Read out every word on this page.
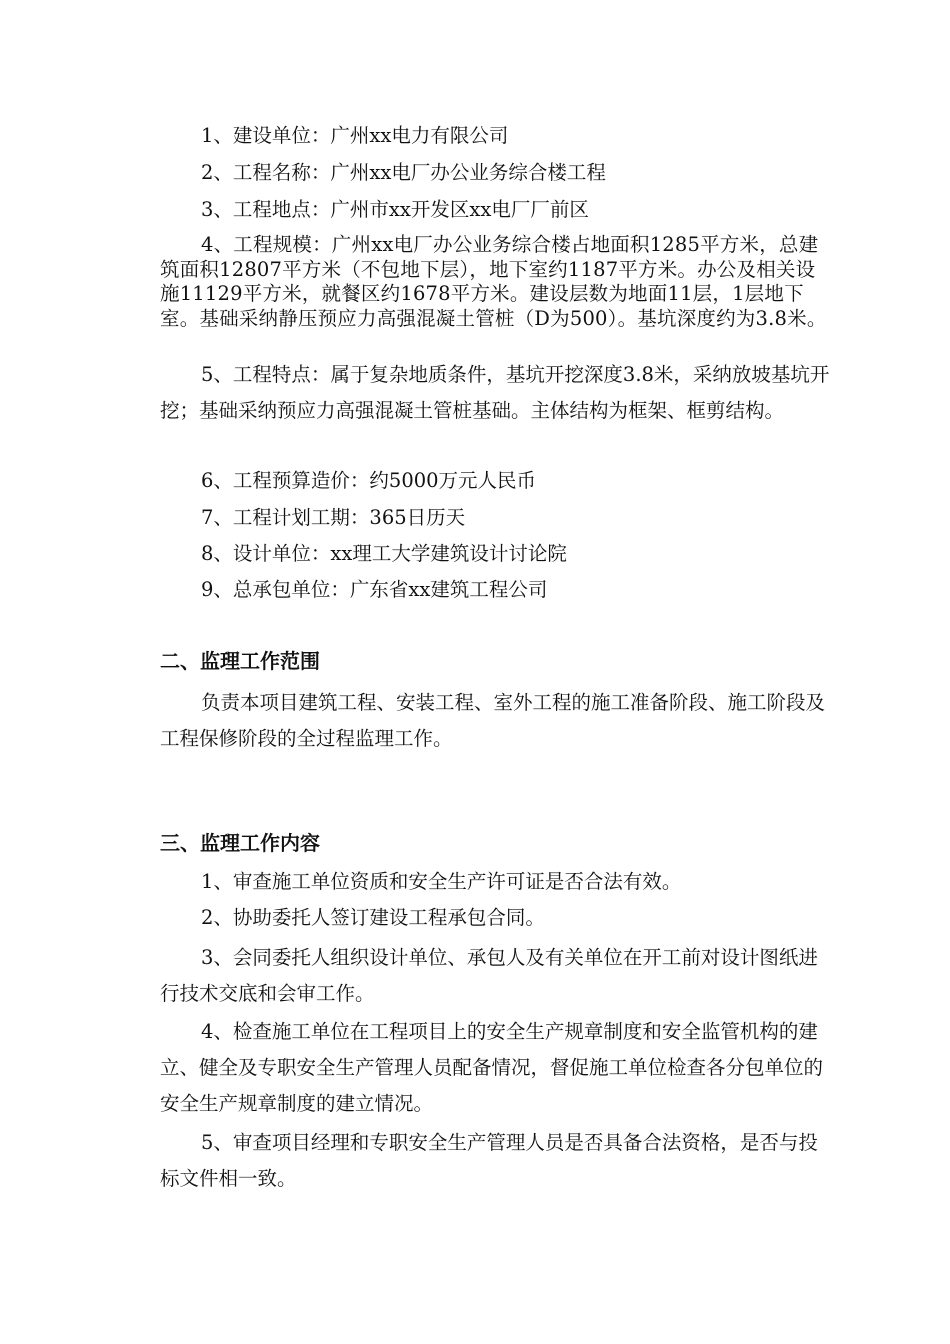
1、建设单位：广州xx电力有限公司

2、工程名称：广州xx电厂办公业务综合楼工程

3、工程地点：广州市xx开发区xx电厂厂前区

4、工程规模：广州xx电厂办公业务综合楼占地面积1285平方米，总建筑面积12807平方米（不包地下层），地下室约1187平方米。办公及相关设施11129平方米，就餐区约1678平方米。建设层数为地面11层，1层地下室。基础采纳静压预应力高强混凝土管桩（D为500）。基坑深度约为3.8米。

5、工程特点：属于复杂地质条件，基坑开挖深度3.8米，采纳放坡基坑开挖；基础采纳预应力高强混凝土管桩基础。主体结构为框架、框剪结构。

6、工程预算造价：约5000万元人民币

7、工程计划工期：365日历天

8、设计单位：xx理工大学建筑设计讨论院

9、总承包单位：广东省xx建筑工程公司

二、监理工作范围

负责本项目建筑工程、安装工程、室外工程的施工准备阶段、施工阶段及工程保修阶段的全过程监理工作。

三、监理工作内容

1、审查施工单位资质和安全生产许可证是否合法有效。

2、协助委托人签订建设工程承包合同。

3、会同委托人组织设计单位、承包人及有关单位在开工前对设计图纸进行技术交底和会审工作。

4、检查施工单位在工程项目上的安全生产规章制度和安全监管机构的建立、健全及专职安全生产管理人员配备情况，督促施工单位检查各分包单位的安全生产规章制度的建立情况。

5、审查项目经理和专职安全生产管理人员是否具备合法资格，是否与投标文件相一致。
